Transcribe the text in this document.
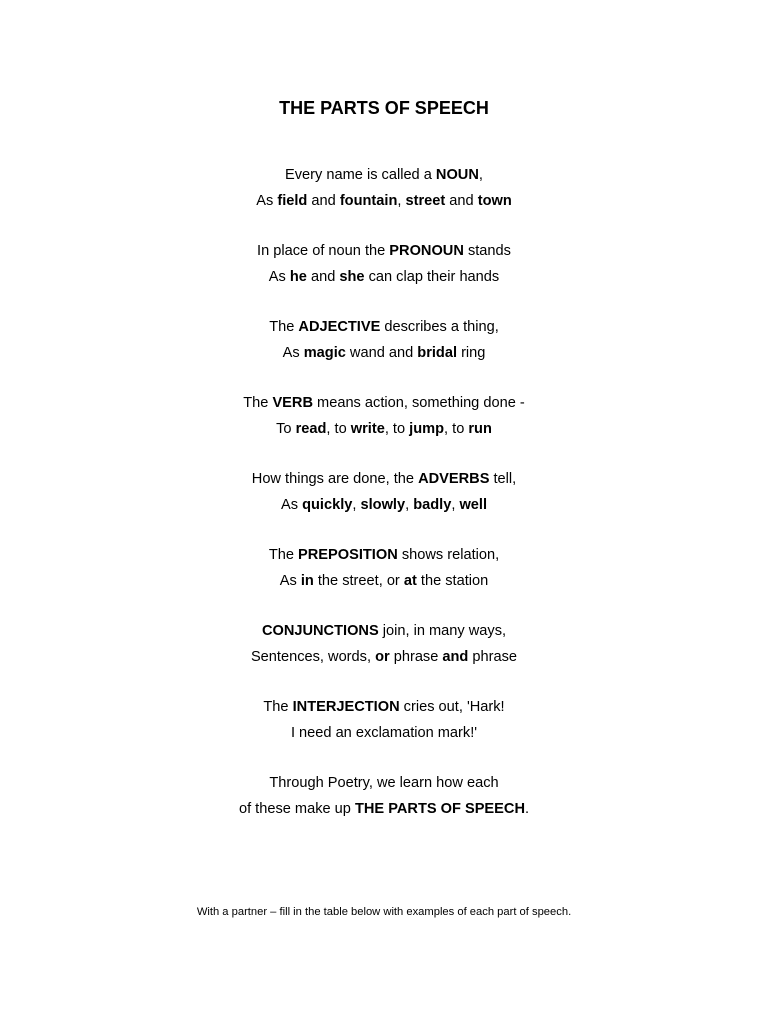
THE PARTS OF SPEECH
Every name is called a NOUN,
As field and fountain, street and town
In place of noun the PRONOUN stands
As he and she can clap their hands
The ADJECTIVE describes a thing,
As magic wand and bridal ring
The VERB means action, something done -
To read, to write, to jump, to run
How things are done, the ADVERBS tell,
As quickly, slowly, badly, well
The PREPOSITION shows relation,
As in the street, or at the station
CONJUNCTIONS join, in many ways,
Sentences, words, or phrase and phrase
The INTERJECTION cries out, 'Hark!
I need an exclamation mark!'
Through Poetry, we learn how each
of these make up THE PARTS OF SPEECH.
With a partner – fill in the table below with examples of each part of speech.
